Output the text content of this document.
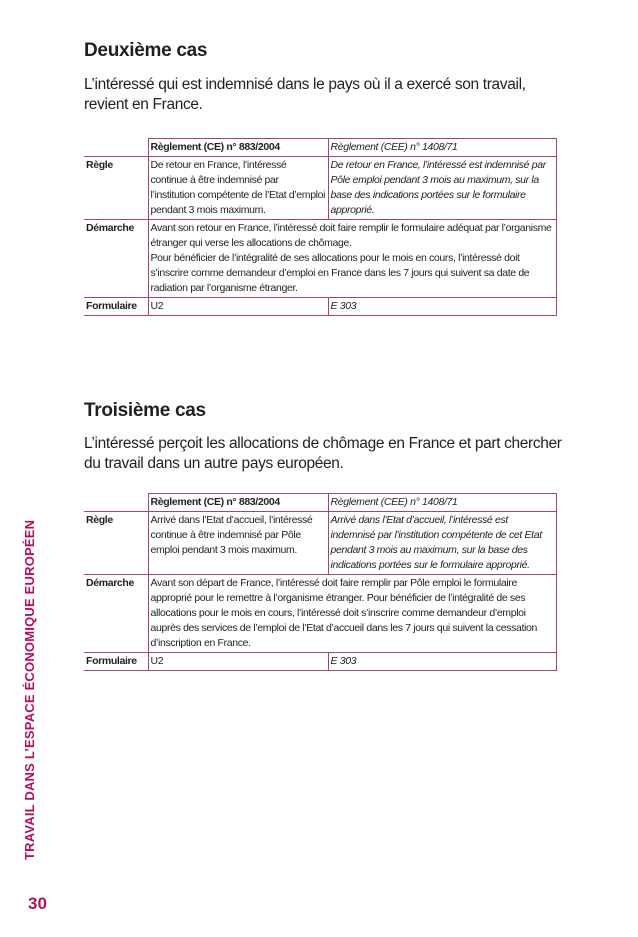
TRAVAIL DANS L’ESPACE ÉCONOMIQUE EUROPÉEN
30
Deuxième cas
L’intéressé qui est indemnisé dans le pays où il a exercé son travail, revient en France.
	Règlement (CE) n° 883/2004	Règlement (CEE) n° 1408/71
Règle	De retour en France, l’intéressé continue à être indemnisé par l’institution compétente de l’Etat d’emploi pendant 3 mois maximum.	De retour en France, l’intéressé est indemnisé par Pôle emploi pendant 3 mois au maximum, sur la base des indications portées sur le formulaire approprié.
Démarche	Avant son retour en France, l’intéressé doit faire remplir le formulaire adéquat par l’organisme étranger qui verse les allocations de chômage.
Pour bénéficier de l’intégralité de ses allocations pour le mois en cours, l’intéressé doit s’inscrire comme demandeur d’emploi en France dans les 7 jours qui suivent sa date de radiation par l’organisme étranger.	

Formulaire	U2	E 303
Troisième cas
L’intéressé perçoit les allocations de chômage en France et part chercher du travail dans un autre pays européen.
	Règlement (CE) n° 883/2004	Règlement (CEE) n° 1408/71
Règle	Arrivé dans l’Etat d’accueil, l’intéressé continue à être indemnisé par Pôle emploi pendant 3 mois maximum.	Arrivé dans l’Etat d’accueil, l’intéressé est indemnisé par l’institution compétente de cet Etat pendant 3 mois au maximum, sur la base des indications portées sur le formulaire approprié.
Démarche	Avant son départ de France, l’intéressé doit faire remplir par Pôle emploi le formulaire approprié pour le remettre à l’organisme étranger. Pour bénéficier de l’intégralité de ses allocations pour le mois en cours, l’intéressé doit s’inscrire comme demandeur d’emploi auprès des services de l’emploi de l’Etat d’accueil dans les 7 jours qui suivent la cessation d’inscription en France.	

Formulaire	U2	E 303
